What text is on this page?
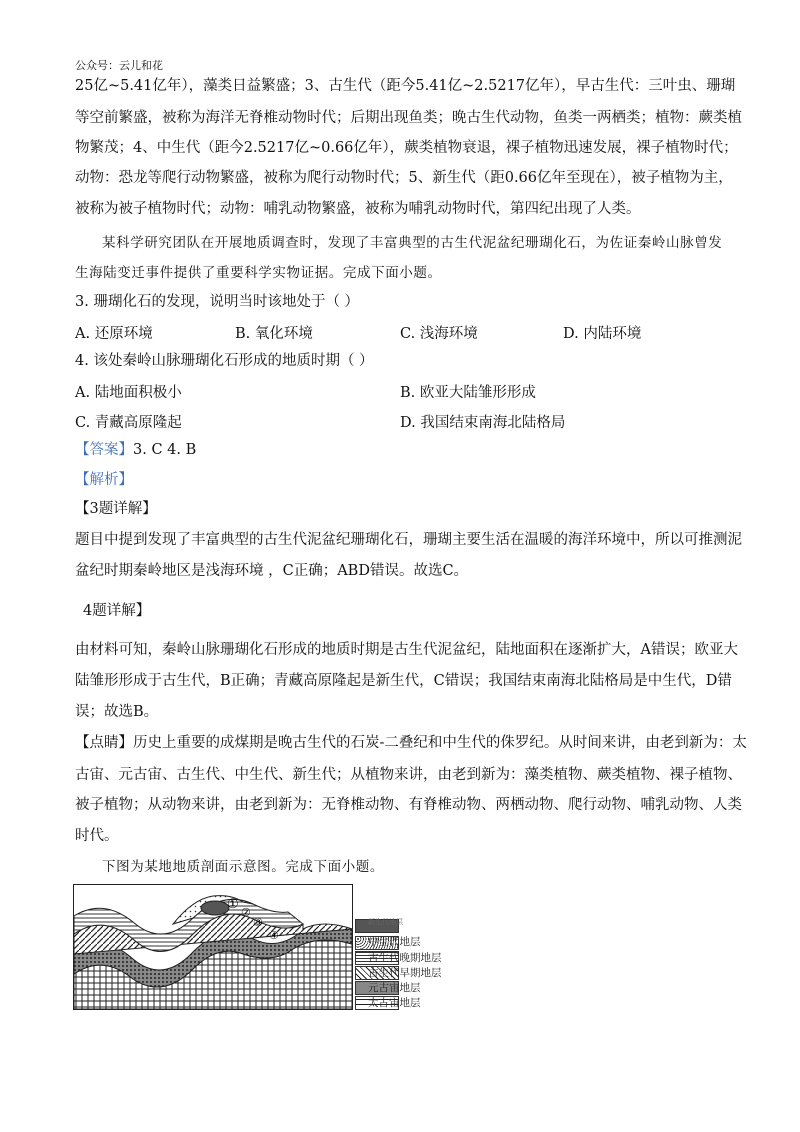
公众号：云儿和花
25亿~5.41亿年），藻类日益繁盛；3、古生代（距今5.41亿~2.5217亿年），早古生代：三叶虫、珊瑚
等空前繁盛，被称为海洋无脊椎动物时代；后期出现鱼类；晚古生代动物，鱼类一两栖类；植物：蕨类植
物繁茂；4、中生代（距今2.5217亿~0.66亿年），蕨类植物衰退，裸子植物迅速发展，裸子植物时代；
动物：恐龙等爬行动物繁盛，被称为爬行动物时代；5、新生代（距0.66亿年至现在），被子植物为主，
被称为被子植物时代；动物：哺乳动物繁盛，被称为哺乳动物时代，第四纪出现了人类。
某科学研究团队在开展地质调查时，发现了丰富典型的古生代泥盆纪珊瑚化石，为佐证秦岭山脉曾发
生海陆变迁事件提供了重要科学实物证据。完成下面小题。
3. 珊瑚化石的发现，说明当时该地处于（ ）
A. 还原环境	B. 氧化环境	C. 浅海环境	D. 内陆环境
4. 该处秦岭山脉珊瑚化石形成的地质时期（ ）
A. 陆地面积极小	B. 欧亚大陆雏形形成
C. 青藏高原隆起	D. 我国结束南海北陆格局
【答案】3. C 4. B
【解析】
【3题详解】
题目中提到发现了丰富典型的古生代泥盆纪珊瑚化石，珊瑚主要生活在温暖的海洋环境中，所以可推测泥
盆纪时期秦岭地区是浅海环境 ，C正确；ABD错误。故选C。
4题详解】
由材料可知，秦岭山脉珊瑚化石形成的地质时期是古生代泥盆纪，陆地面积在逐渐扩大，A错误；欧亚大
陆雏形形成于古生代，B正确；青藏高原隆起是新生代，C错误；我国结束南海北陆格局是中生代，D错
误；故选B。
【点睛】历史上重要的成煤期是晚古生代的石炭-二叠纪和中生代的侏罗纪。从时间来讲，由老到新为：太
古宙、元古宙、古生代、中生代、新生代；从植物来讲，由老到新为：藻类植物、蕨类植物、裸子植物、
被子植物；从动物来讲，由老到新为：无脊椎动物、有脊椎动物、两栖动物、爬行动物、哺乳动物、人类
时代。
下图为某地地质剖面示意图。完成下面小题。
①
②
③
④
新生代地层
中生代地层
古生代晚期地层
古生代早期地层
元古宙地层
太古宙地层
